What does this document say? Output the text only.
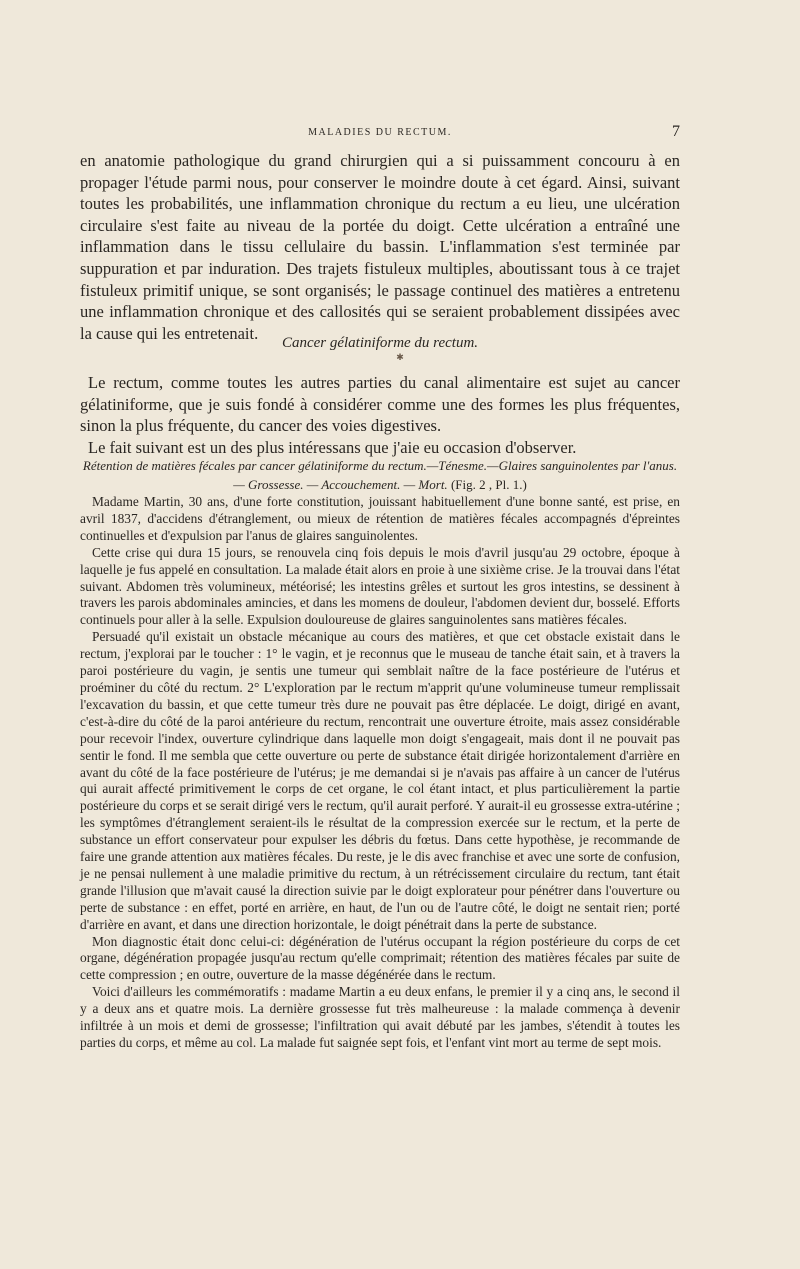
MALADIES DU RECTUM.	7

en anatomie pathologique du grand chirurgien qui a si puissamment concouru à en propager l'étude parmi nous, pour conserver le moindre doute à cet égard. Ainsi, suivant toutes les probabilités, une inflammation chronique du rectum a eu lieu, une ulcération circulaire s'est faite au niveau de la portée du doigt. Cette ulcération a entraîné une inflammation dans le tissu cellulaire du bassin. L'inflammation s'est terminée par suppuration et par induration. Des trajets fistuleux multiples, aboutissant tous à ce trajet fistuleux primitif unique, se sont organisés; le passage continuel des matières a entretenu une inflammation chronique et des callosités qui se seraient probablement dissipées avec la cause qui les entretenait.

Cancer gélatiniforme du rectum.
✱

Le rectum, comme toutes les autres parties du canal alimentaire est sujet au cancer gélatiniforme, que je suis fondé à considérer comme une des formes les plus fréquentes, sinon la plus fréquente, du cancer des voies digestives.

Le fait suivant est un des plus intéressans que j'aie eu occasion d'observer.

Rétention de matières fécales par cancer gélatiniforme du rectum.—Ténesme.—Glaires sanguinolentes par l'anus. — Grossesse. — Accouchement. — Mort. (Fig. 2 , Pl. 1.)

Madame Martin, 30 ans, d'une forte constitution, jouissant habituellement d'une bonne santé, est prise, en avril 1837, d'accidens d'étranglement, ou mieux de rétention de matières fécales accompagnés d'épreintes continuelles et d'expulsion par l'anus de glaires sanguinolentes.

Cette crise qui dura 15 jours, se renouvela cinq fois depuis le mois d'avril jusqu'au 29 octobre, époque à laquelle je fus appelé en consultation. La malade était alors en proie à une sixième crise. Je la trouvai dans l'état suivant. Abdomen très volumineux, météorisé; les intestins grêles et surtout les gros intestins, se dessinent à travers les parois abdominales amincies, et dans les momens de douleur, l'abdomen devient dur, bosselé. Efforts continuels pour aller à la selle. Expulsion douloureuse de glaires sanguinolentes sans matières fécales.

Persuadé qu'il existait un obstacle mécanique au cours des matières, et que cet obstacle existait dans le rectum, j'explorai par le toucher : 1° le vagin, et je reconnus que le museau de tanche était sain, et à travers la paroi postérieure du vagin, je sentis une tumeur qui semblait naître de la face postérieure de l'utérus et proéminer du côté du rectum. 2° L'exploration par le rectum m'apprit qu'une volumineuse tumeur remplissait l'excavation du bassin, et que cette tumeur très dure ne pouvait pas être déplacée. Le doigt, dirigé en avant, c'est-à-dire du côté de la paroi antérieure du rectum, rencontrait une ouverture étroite, mais assez considérable pour recevoir l'index, ouverture cylindrique dans laquelle mon doigt s'engageait, mais dont il ne pouvait pas sentir le fond. Il me sembla que cette ouverture ou perte de substance était dirigée horizontalement d'arrière en avant du côté de la face postérieure de l'utérus; je me demandai si je n'avais pas affaire à un cancer de l'utérus qui aurait affecté primitivement le corps de cet organe, le col étant intact, et plus particulièrement la partie postérieure du corps et se serait dirigé vers le rectum, qu'il aurait perforé. Y aurait-il eu grossesse extra-utérine ; les symptômes d'étranglement seraient-ils le résultat de la compression exercée sur le rectum, et la perte de substance un effort conservateur pour expulser les débris du fœtus. Dans cette hypothèse, je recommande de faire une grande attention aux matières fécales. Du reste, je le dis avec franchise et avec une sorte de confusion, je ne pensai nullement à une maladie primitive du rectum, à un rétrécissement circulaire du rectum, tant était grande l'illusion que m'avait causé la direction suivie par le doigt explorateur pour pénétrer dans l'ouverture ou perte de substance : en effet, porté en arrière, en haut, de l'un ou de l'autre côté, le doigt ne sentait rien; porté d'arrière en avant, et dans une direction horizontale, le doigt pénétrait dans la perte de substance.

Mon diagnostic était donc celui-ci: dégénération de l'utérus occupant la région postérieure du corps de cet organe, dégénération propagée jusqu'au rectum qu'elle comprimait; rétention des matières fécales par suite de cette compression ; en outre, ouverture de la masse dégénérée dans le rectum.

Voici d'ailleurs les commémoratifs : madame Martin a eu deux enfans, le premier il y a cinq ans, le second il y a deux ans et quatre mois. La dernière grossesse fut très malheureuse : la malade commença à devenir infiltrée à un mois et demi de grossesse; l'infiltration qui avait débuté par les jambes, s'étendit à toutes les parties du corps, et même au col. La malade fut saignée sept fois, et l'enfant vint mort au terme de sept mois.
